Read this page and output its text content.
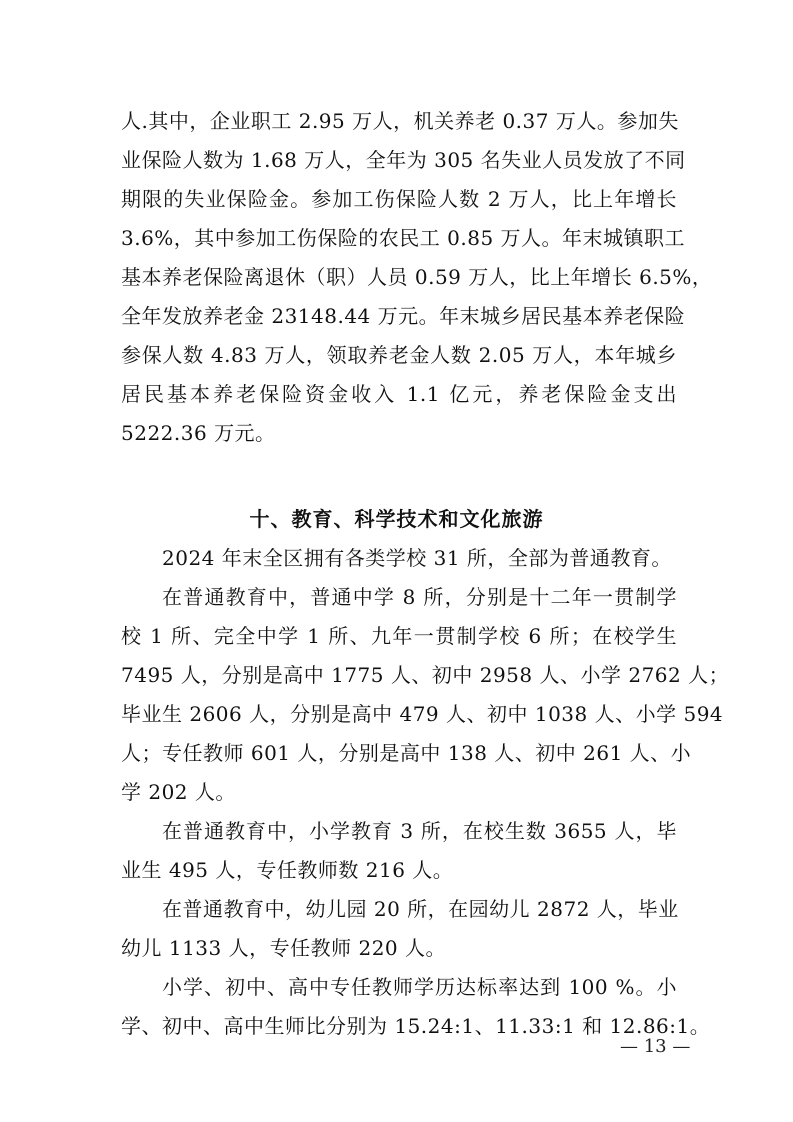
人.其中，企业职工 2.95 万人，机关养老 0.37 万人。参加失
业保险人数为 1.68 万人，全年为 305 名失业人员发放了不同
期限的失业保险金。参加工伤保险人数 2 万人，比上年增长
3.6%，其中参加工伤保险的农民工 0.85 万人。年末城镇职工
基本养老保险离退休（职）人员 0.59 万人，比上年增长 6.5%，
全年发放养老金 23148.44 万元。年末城乡居民基本养老保险
参保人数 4.83 万人，领取养老金人数 2.05 万人，本年城乡
居民基本养老保险资金收入 1.1 亿元，养老保险金支出
5222.36 万元。
十、教育、科学技术和文化旅游
2024 年末全区拥有各类学校 31 所，全部为普通教育。
在普通教育中，普通中学 8 所，分别是十二年一贯制学
校 1 所、完全中学 1 所、九年一贯制学校 6 所；在校学生
7495 人，分别是高中 1775 人、初中 2958 人、小学 2762 人；
毕业生 2606 人，分别是高中 479 人、初中 1038 人、小学 594
人；专任教师 601 人，分别是高中 138 人、初中 261 人、小
学 202 人。
在普通教育中，小学教育 3 所，在校生数 3655 人，毕
业生 495 人，专任教师数 216 人。
在普通教育中，幼儿园 20 所，在园幼儿 2872 人，毕业
幼儿 1133 人，专任教师 220 人。
小学、初中、高中专任教师学历达标率达到 100 %。小
学、初中、高中生师比分别为 15.24:1、11.33:1 和 12.86:1。
— 13 —
